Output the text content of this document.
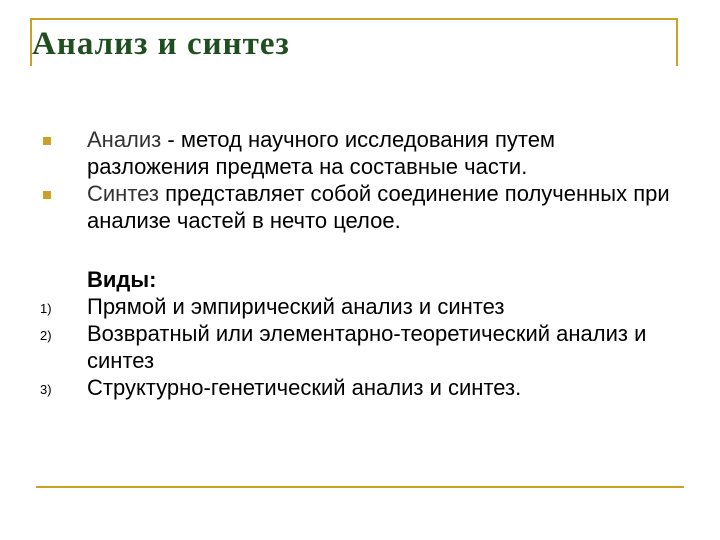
Анализ и синтез
Анализ - метод научного исследования путем разложения предмета на составные части.
Синтез представляет собой соединение полученных при анализе частей в нечто целое.
Виды:
1) Прямой и эмпирический анализ и синтез
2) Возвратный или элементарно-теоретический анализ и синтез
3) Структурно-генетический анализ и синтез.
